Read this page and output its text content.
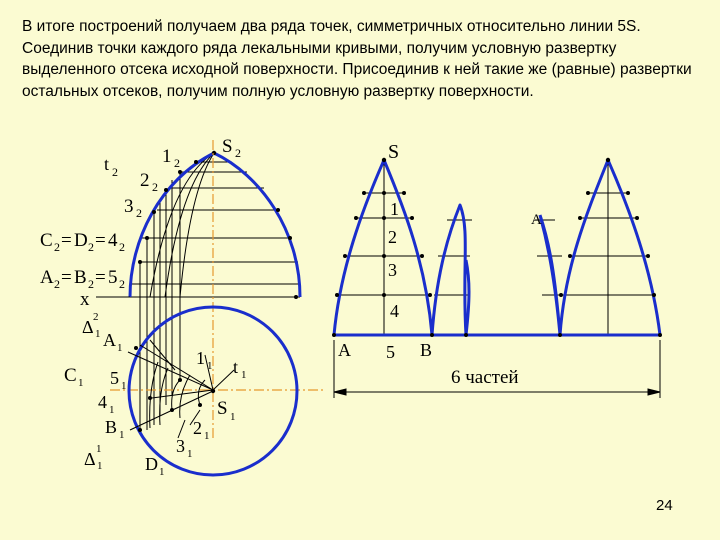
В итоге построений получаем два ряда точек, симметричных относительно линии 5S. Соединив точки каждого ряда лекальными кривыми, получим условную развертку выделенного отсека исходной поверхности. Присоединив к ней такие же (равные) развертки остальных отсеков, получим полную условную развертку поверхности.

S 2
1 2
t 2 2 2
3 2
C 2 = D 2 = 4 2
A 2 = B 2 = 5 2
x
Δ 2
1 A 1
C 1 5 1
1 1 t 1
4 1	S 1
B 1	2 1
3 1
Δ 1
1 D 1
S
1
2
3
4
A 5 B
A
6 частей
24
